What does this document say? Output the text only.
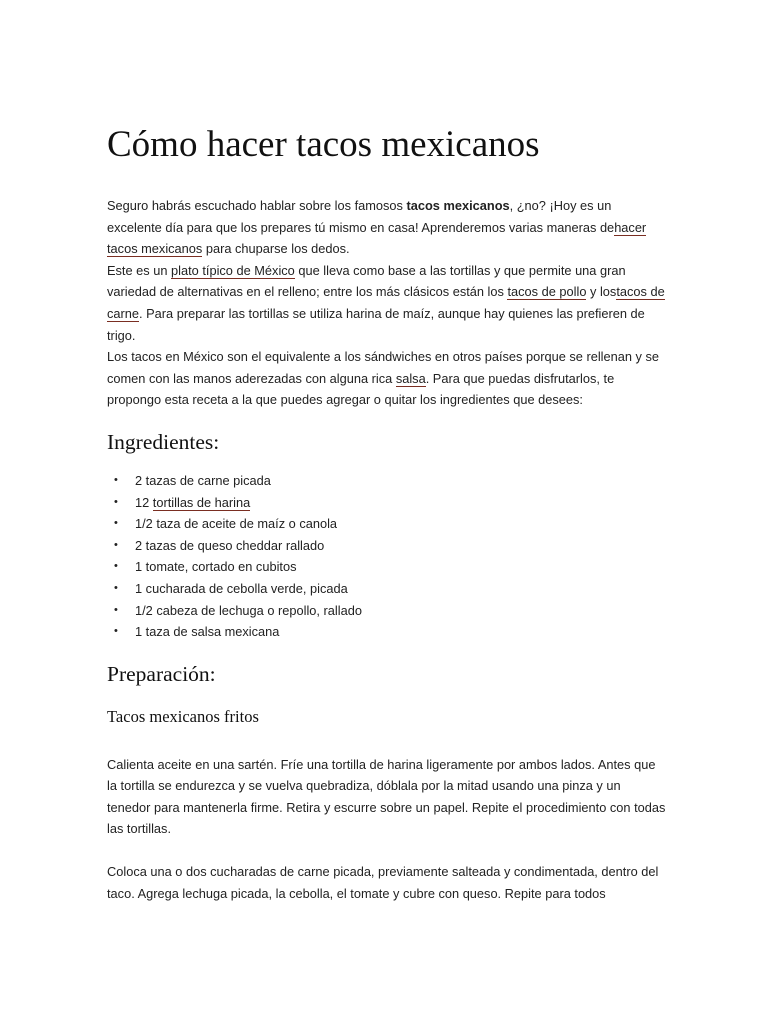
Cómo hacer tacos mexicanos

Seguro habrás escuchado hablar sobre los famosos tacos mexicanos, ¿no? ¡Hoy es un excelente día para que los prepares tú mismo en casa! Aprenderemos varias maneras dehacer tacos mexicanos para chuparse los dedos.

Este es un plato típico de México que lleva como base a las tortillas y que permite una gran variedad de alternativas en el relleno; entre los más clásicos están los tacos de pollo y lostacos de carne. Para preparar las tortillas se utiliza harina de maíz, aunque hay quienes las prefieren de trigo.

Los tacos en México son el equivalente a los sándwiches en otros países porque se rellenan y se comen con las manos aderezadas con alguna rica salsa. Para que puedas disfrutarlos, te propongo esta receta a la que puedes agregar o quitar los ingredientes que desees:

Ingredientes:
• 2 tazas de carne picada
• 12 tortillas de harina
• 1/2 taza de aceite de maíz o canola
• 2 tazas de queso cheddar rallado
• 1 tomate, cortado en cubitos
• 1 cucharada de cebolla verde, picada
• 1/2 cabeza de lechuga o repollo, rallado
• 1 taza de salsa mexicana
Preparación:
Tacos mexicanos fritos

Calienta aceite en una sartén. Fríe una tortilla de harina ligeramente por ambos lados. Antes que la tortilla se endurezca y se vuelva quebradiza, dóblala por la mitad usando una pinza y un tenedor para mantenerla firme. Retira y escurre sobre un papel. Repite el procedimiento con todas las tortillas.

Coloca una o dos cucharadas de carne picada, previamente salteada y condimentada, dentro del taco. Agrega lechuga picada, la cebolla, el tomate y cubre con queso. Repite para todos
